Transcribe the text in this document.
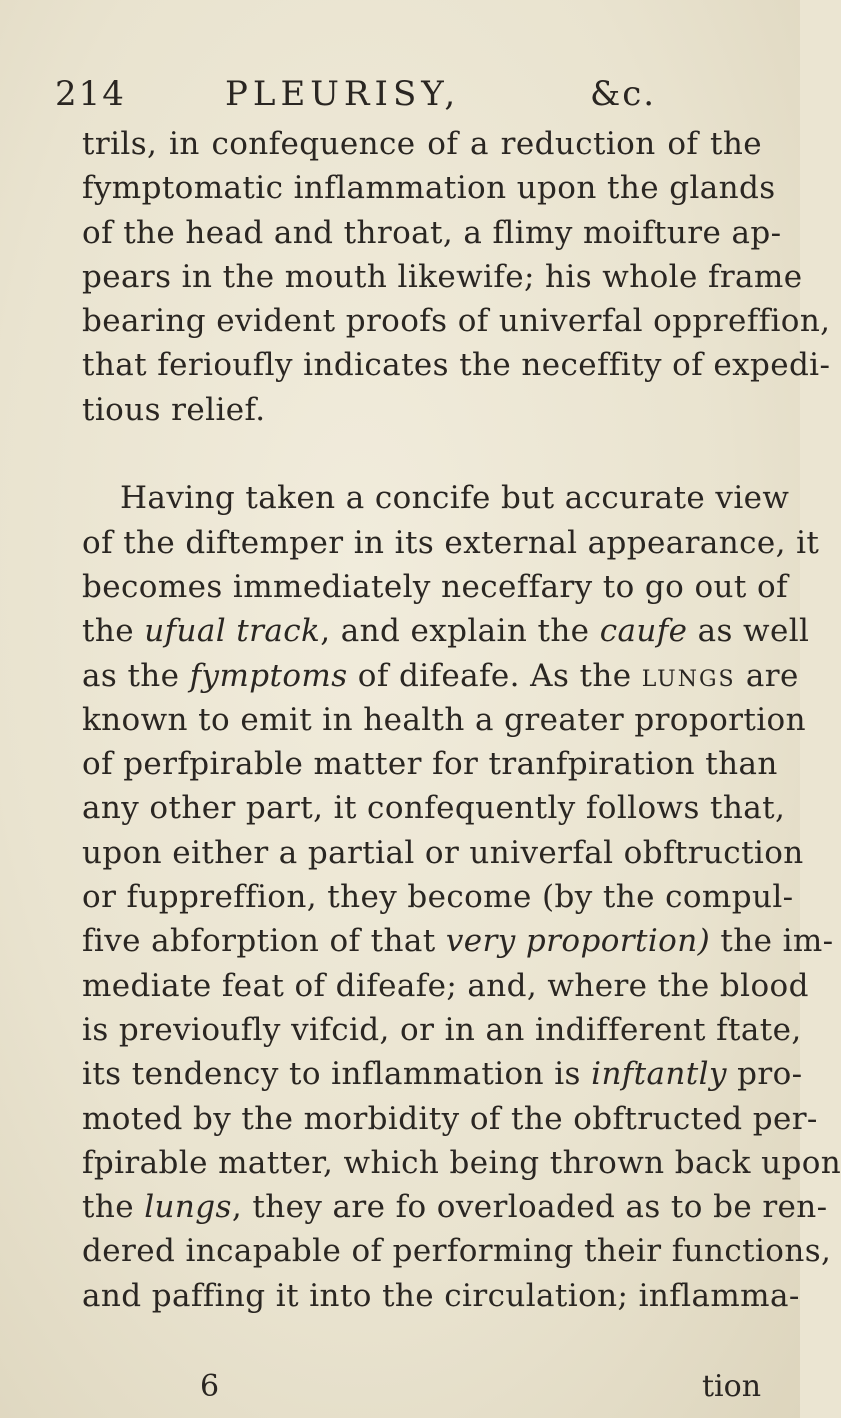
214	PLEURISY,	&c.
trils, in confequence of a reduction of the
fymptomatic inflammation upon the glands
of the head and throat, a flimy moifture ap-
pears in the mouth likewife; his whole frame
bearing evident proofs of univerfal oppreffion,
that ferioufly indicates the neceffity of expedi-
tious relief.
Having taken a concife but accurate view
of the diftemper in its external appearance, it
becomes immediately neceffary to go out of
the ufual track, and explain the caufe as well
as the fymptoms of difeafe. As the lungs are
known to emit in health a greater proportion
of perfpirable matter for tranfpiration than
any other part, it confequently follows that,
upon either a partial or univerfal obftruction
or fuppreffion, they become (by the compul-
five abforption of that very proportion) the im-
mediate feat of difeafe; and, where the blood
is previoufly vifcid, or in an indifferent ftate,
its tendency to inflammation is inftantly pro-
moted by the morbidity of the obftructed per-
fpirable matter, which being thrown back upon
the lungs, they are fo overloaded as to be ren-
dered incapable of performing their functions,
and paffing it into the circulation; inflamma-
6	tion
